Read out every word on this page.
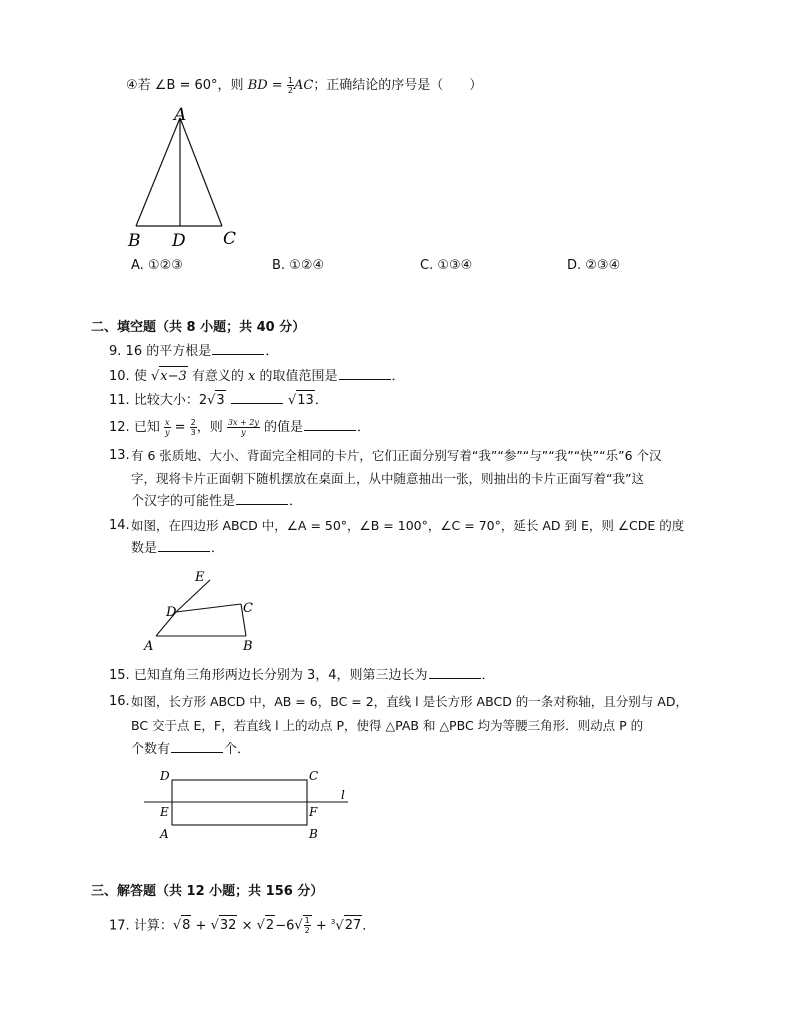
④若 ∠B = 60°，则 BD = $\frac{1}{2}$ AC；正确结论的序号是（　　）
A
B D C
A. ①②③	B. ①②④	C. ①③④	D. ②③④
二、填空题（共 8 小题；共 40 分）
9. 16 的平方根是	．
10. 使 √x−3 有意义的 x 的取值范围是	．
11. 比较大小：2√3	√13．
12. 已知 $\frac{x}{y} = \frac{2}{3}$ ，则 $\frac{3x + 2y}{y}$ 的值是	．
13. 有 6 张质地、大小、背面完全相同的卡片，它们正面分别写着“我”“参”“与”“我”“快”“乐”6 个汉
字，现将卡片正面朝下随机摆放在桌面上，从中随意抽出一张，则抽出的卡片正面写着“我”这
个汉字的可能性是	．
14. 如图，在四边形 ABCD 中，∠A = 50°，∠B = 100°，∠C = 70°，延长 AD 到 E，则 ∠CDE 的度
数是	．
E
D	C
A	B
15. 已知直角三角形两边长分别为 3，4，则第三边长为	．
16. 如图，长方形 ABCD 中，AB = 6，BC = 2，直线 l 是长方形 ABCD 的一条对称轴，且分别与 AD，
BC 交于点 E，F，若直线 l 上的动点 P，使得 △PAB 和 △PBC 均为等腰三角形．则动点 P 的
个数有	个．
D	C
E	F
A	B
l
三、解答题（共 12 小题；共 156 分）
17. 计算：$√8 + √32 \times √2-6√ \frac{1}{2} + ^3√27$．
